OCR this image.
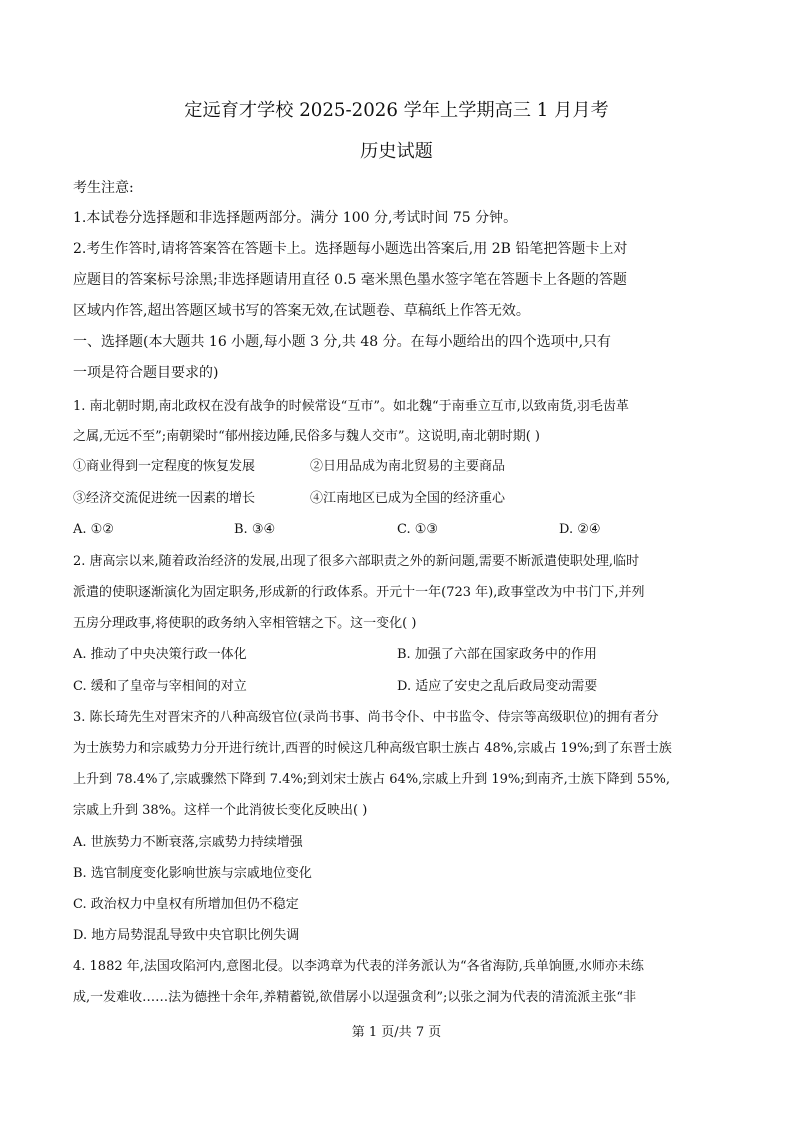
定远育才学校 2025-2026 学年上学期高三 1 月月考
历史试题
考生注意:
1.本试卷分选择题和非选择题两部分。满分 100 分,考试时间 75 分钟。
2.考生作答时,请将答案答在答题卡上。选择题每小题选出答案后,用 2B 铅笔把答题卡上对
应题目的答案标号涂黑;非选择题请用直径 0.5 毫米黑色墨水签字笔在答题卡上各题的答题
区域内作答,超出答题区域书写的答案无效,在试题卷、草稿纸上作答无效。
一、选择题(本大题共 16 小题,每小题 3 分,共 48 分。在每小题给出的四个选项中,只有
一项是符合题目要求的)
1. 南北朝时期,南北政权在没有战争的时候常设“互市”。如北魏“于南垂立互市,以致南货,羽毛齿革
之属,无远不至”;南朝梁时“郁州接边陲,民俗多与魏人交市”。这说明,南北朝时期( )
①商业得到一定程度的恢复发展	②日用品成为南北贸易的主要商品
③经济交流促进统一因素的增长	④江南地区已成为全国的经济重心
A. ①②	B. ③④	C. ①③	D. ②④
2. 唐高宗以来,随着政治经济的发展,出现了很多六部职责之外的新问题,需要不断派遣使职处理,临时
派遣的使职逐渐演化为固定职务,形成新的行政体系。开元十一年(723 年),政事堂改为中书门下,并列
五房分理政事,将使职的政务纳入宰相管辖之下。这一变化( )
A. 推动了中央决策行政一体化	B. 加强了六部在国家政务中的作用
C. 缓和了皇帝与宰相间的对立	D. 适应了安史之乱后政局变动需要
3. 陈长琦先生对晋宋齐的八种高级官位(录尚书事、尚书令仆、中书监令、侍宗等高级职位)的拥有者分
为士族势力和宗戚势力分开进行统计,西晋的时候这几种高级官职士族占 48%,宗戚占 19%;到了东晋士族
上升到 78.4%了,宗戚骤然下降到 7.4%;到刘宋士族占 64%,宗戚上升到 19%;到南齐,士族下降到 55%,
宗戚上升到 38%。这样一个此消彼长变化反映出( )
A. 世族势力不断衰落,宗戚势力持续增强
B. 选官制度变化影响世族与宗戚地位变化
C. 政治权力中皇权有所增加但仍不稳定
D. 地方局势混乱导致中央官职比例失调
4. 1882 年,法国攻陷河内,意图北侵。以李鸿章为代表的洋务派认为“各省海防,兵单饷匮,水师亦未练
成,一发难收……法为德挫十余年,养精蓄锐,欲借孱小以逞强贪利”;以张之洞为代表的清流派主张“非
第 1 页/共 7 页
